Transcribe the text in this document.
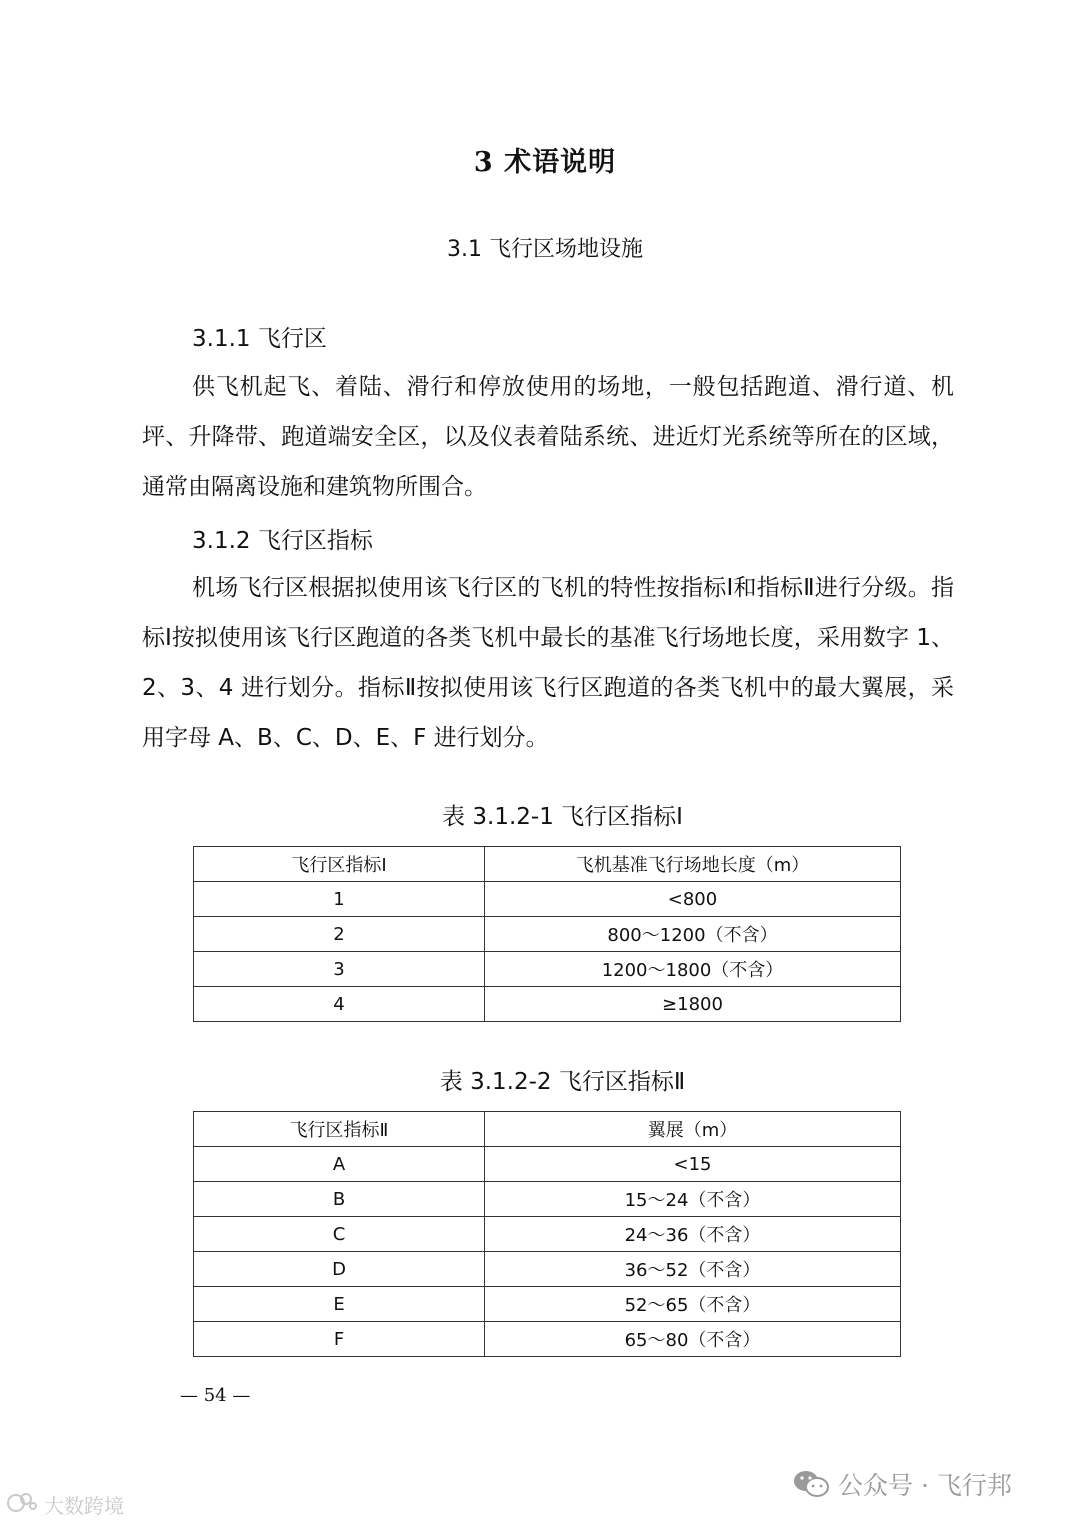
3 术语说明
3.1 飞行区场地设施
3.1.1 飞行区
供飞机起飞、着陆、滑行和停放使用的场地，一般包括跑道、滑行道、机坪、升降带、跑道端安全区，以及仪表着陆系统、进近灯光系统等所在的区域，通常由隔离设施和建筑物所围合。
3.1.2 飞行区指标
机场飞行区根据拟使用该飞行区的飞机的特性按指标Ⅰ和指标Ⅱ进行分级。指标Ⅰ按拟使用该飞行区跑道的各类飞机中最长的基准飞行场地长度，采用数字 1、2、3、4 进行划分。指标Ⅱ按拟使用该飞行区跑道的各类飞机中的最大翼展，采用字母 A、B、C、D、E、F 进行划分。
表 3.1.2-1 飞行区指标Ⅰ
飞行区指标Ⅰ	飞机基准飞行场地长度（m）
1	<800
2	800～1200（不含）
3	1200～1800（不含）
4	≥1800
表 3.1.2-2 飞行区指标Ⅱ
飞行区指标Ⅱ	翼展（m）
A	<15
B	15～24（不含）
C	24～36（不含）
D	36～52（不含）
E	52～65（不含）
F	65～80（不含）
— 54 —
大数跨境
公众号 · 飞行邦
